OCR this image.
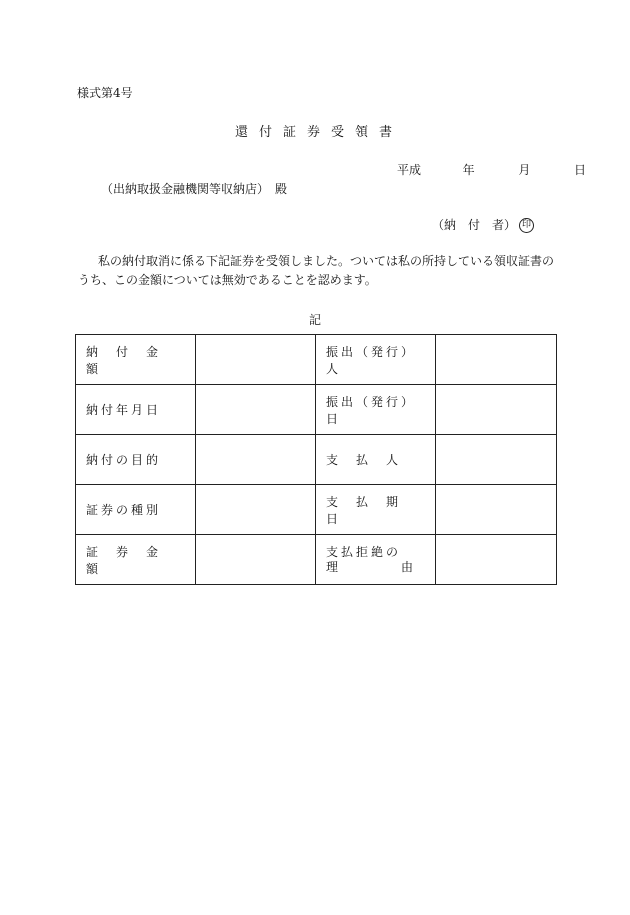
様式第4号
還付証券受領書
平成	年	月	日
（出納取扱金融機関等収納店）　殿
（納　付　者） 印

私の納付取消に係る下記証券を受領しました。ついては私の所持している領収証書のうち、この金額については無効であることを認めます。

記
納　付　金　額		振出（発行）人	
納付年月日		振出（発行）日	
納付の目的		支　払　人	
証券の種別		支　払　期　日	
証　券　金　額		支払拒絶の
理　　　　由	
